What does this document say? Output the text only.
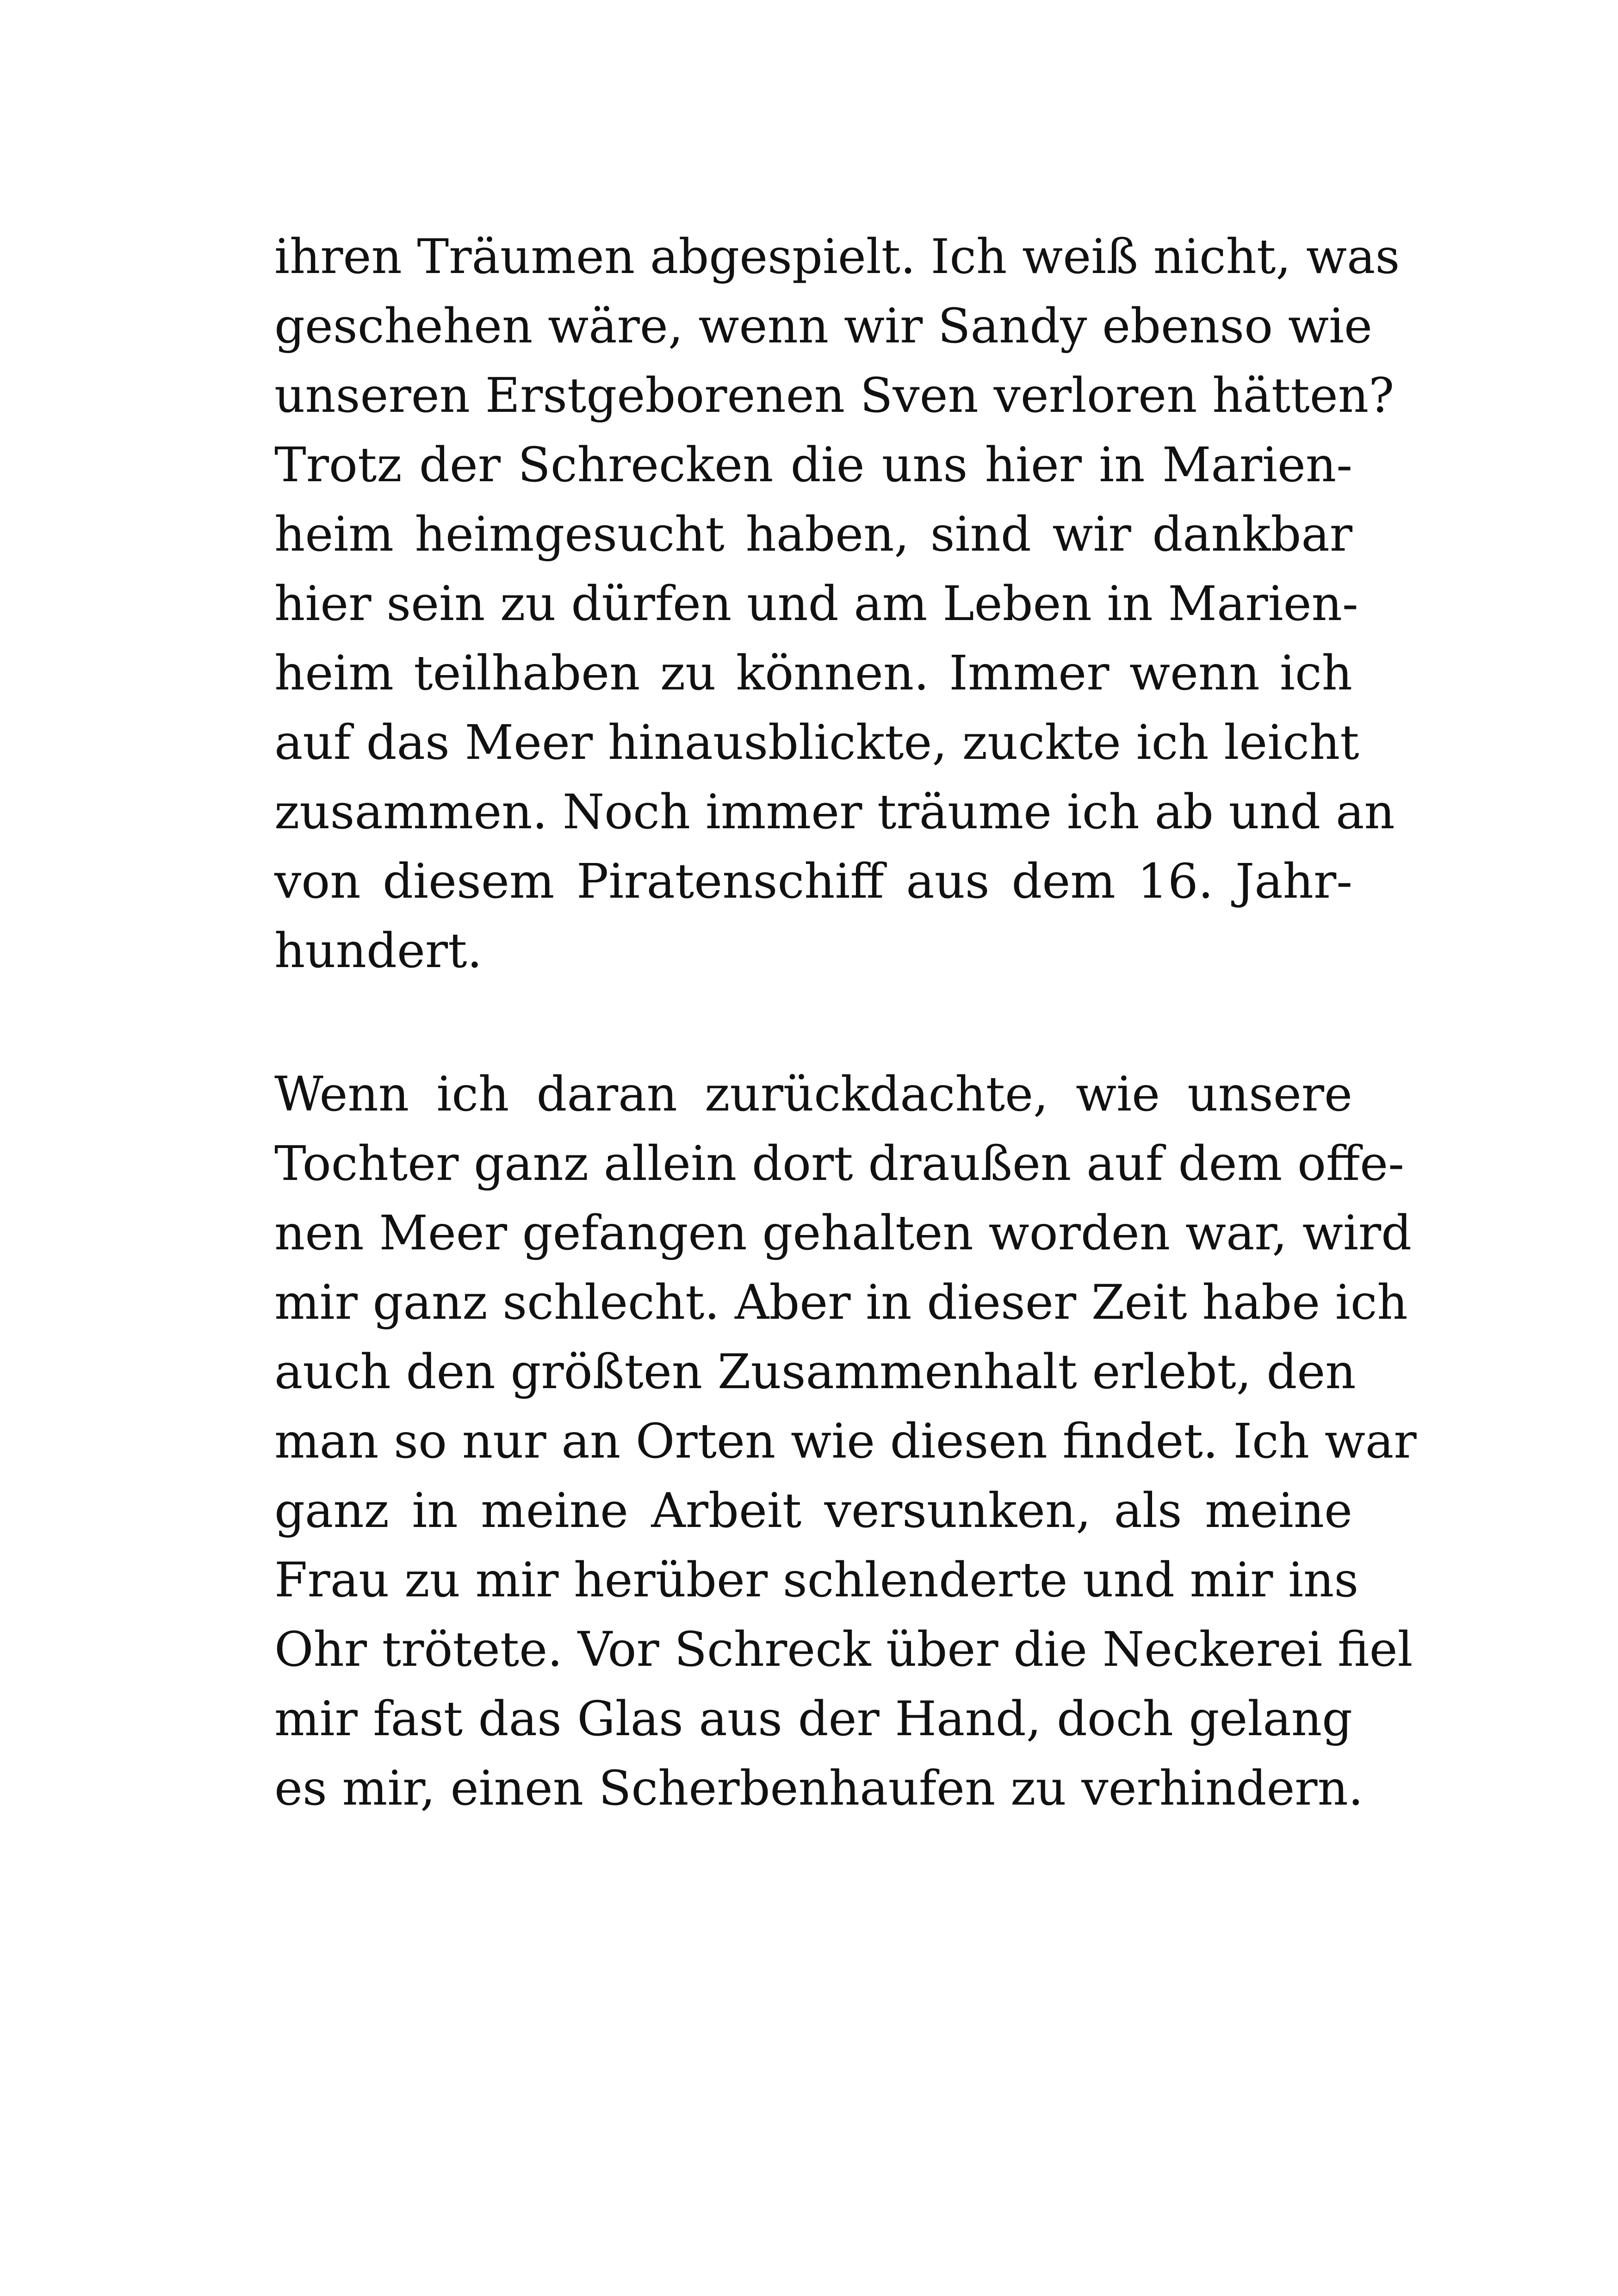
ihren Träumen abgespielt. Ich weiß nicht, was
geschehen wäre, wenn wir Sandy ebenso wie
unseren Erstgeborenen Sven verloren hätten?
Trotz der Schrecken die uns hier in Marien-
heim heimgesucht haben, sind wir dankbar
hier sein zu dürfen und am Leben in Marien-
heim teilhaben zu können. Immer wenn ich
auf das Meer hinausblickte, zuckte ich leicht
zusammen. Noch immer träume ich ab und an
von diesem Piratenschiff aus dem 16. Jahr-
hundert.
Wenn ich daran zurückdachte, wie unsere
Tochter ganz allein dort draußen auf dem offe-
nen Meer gefangen gehalten worden war, wird
mir ganz schlecht. Aber in dieser Zeit habe ich
auch den größten Zusammenhalt erlebt, den
man so nur an Orten wie diesen findet. Ich war
ganz in meine Arbeit versunken, als meine
Frau zu mir herüber schlenderte und mir ins
Ohr trötete. Vor Schreck über die Neckerei fiel
mir fast das Glas aus der Hand, doch gelang
es mir, einen Scherbenhaufen zu verhindern.
